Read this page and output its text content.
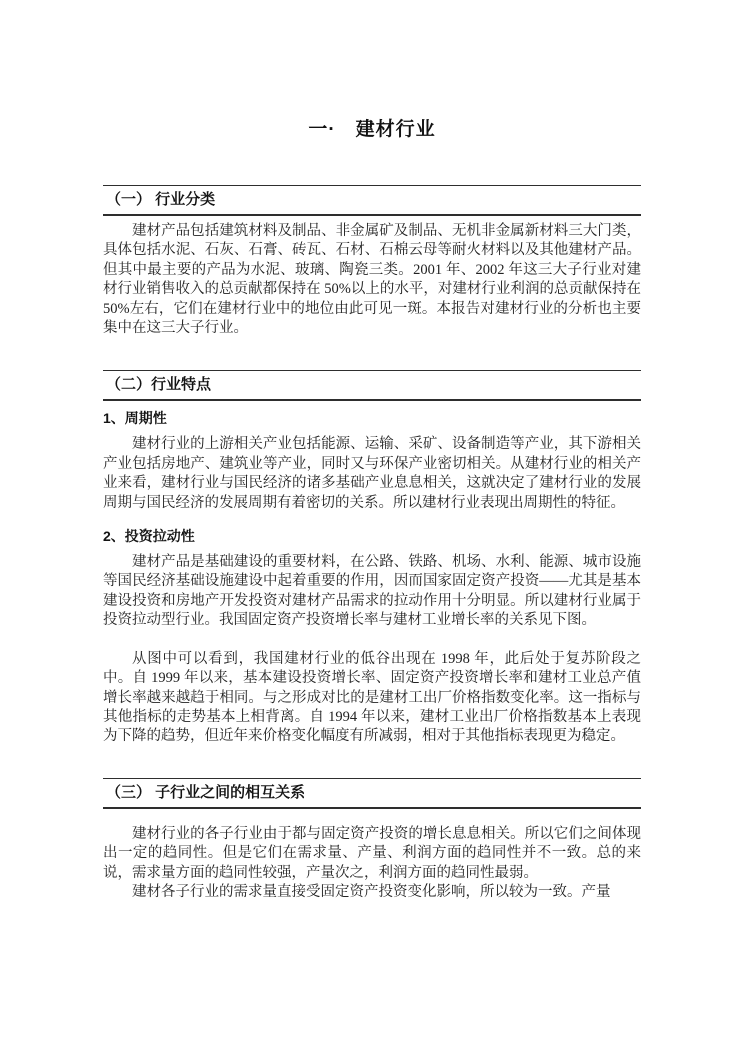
一·　建材行业
（一） 行业分类

建材产品包括建筑材料及制品、非金属矿及制品、无机非金属新材料三大门类，具体包括水泥、石灰、石膏、砖瓦、石材、石棉云母等耐火材料以及其他建材产品。但其中最主要的产品为水泥、玻璃、陶瓷三类。2001 年、2002 年这三大子行业对建材行业销售收入的总贡献都保持在 50%以上的水平，对建材行业利润的总贡献保持在 50%左右，它们在建材行业中的地位由此可见一斑。本报告对建材行业的分析也主要集中在这三大子行业。

（二）行业特点
1、周期性

建材行业的上游相关产业包括能源、运输、采矿、设备制造等产业，其下游相关产业包括房地产、建筑业等产业，同时又与环保产业密切相关。从建材行业的相关产业来看，建材行业与国民经济的诸多基础产业息息相关，这就决定了建材行业的发展周期与国民经济的发展周期有着密切的关系。所以建材行业表现出周期性的特征。

2、投资拉动性

建材产品是基础建设的重要材料，在公路、铁路、机场、水利、能源、城市设施等国民经济基础设施建设中起着重要的作用，因而国家固定资产投资——尤其是基本建设投资和房地产开发投资对建材产品需求的拉动作用十分明显。所以建材行业属于投资拉动型行业。我国固定资产投资增长率与建材工业增长率的关系见下图。

从图中可以看到，我国建材行业的低谷出现在 1998 年，此后处于复苏阶段之中。自 1999 年以来，基本建设投资增长率、固定资产投资增长率和建材工业总产值增长率越来越趋于相同。与之形成对比的是建材工出厂价格指数变化率。这一指标与其他指标的走势基本上相背离。自 1994 年以来，建材工业出厂价格指数基本上表现为下降的趋势，但近年来价格变化幅度有所减弱，相对于其他指标表现更为稳定。

（三） 子行业之间的相互关系

建材行业的各子行业由于都与固定资产投资的增长息息相关。所以它们之间体现出一定的趋同性。但是它们在需求量、产量、利润方面的趋同性并不一致。总的来说，需求量方面的趋同性较强，产量次之，利润方面的趋同性最弱。

建材各子行业的需求量直接受固定资产投资变化影响，所以较为一致。产量
